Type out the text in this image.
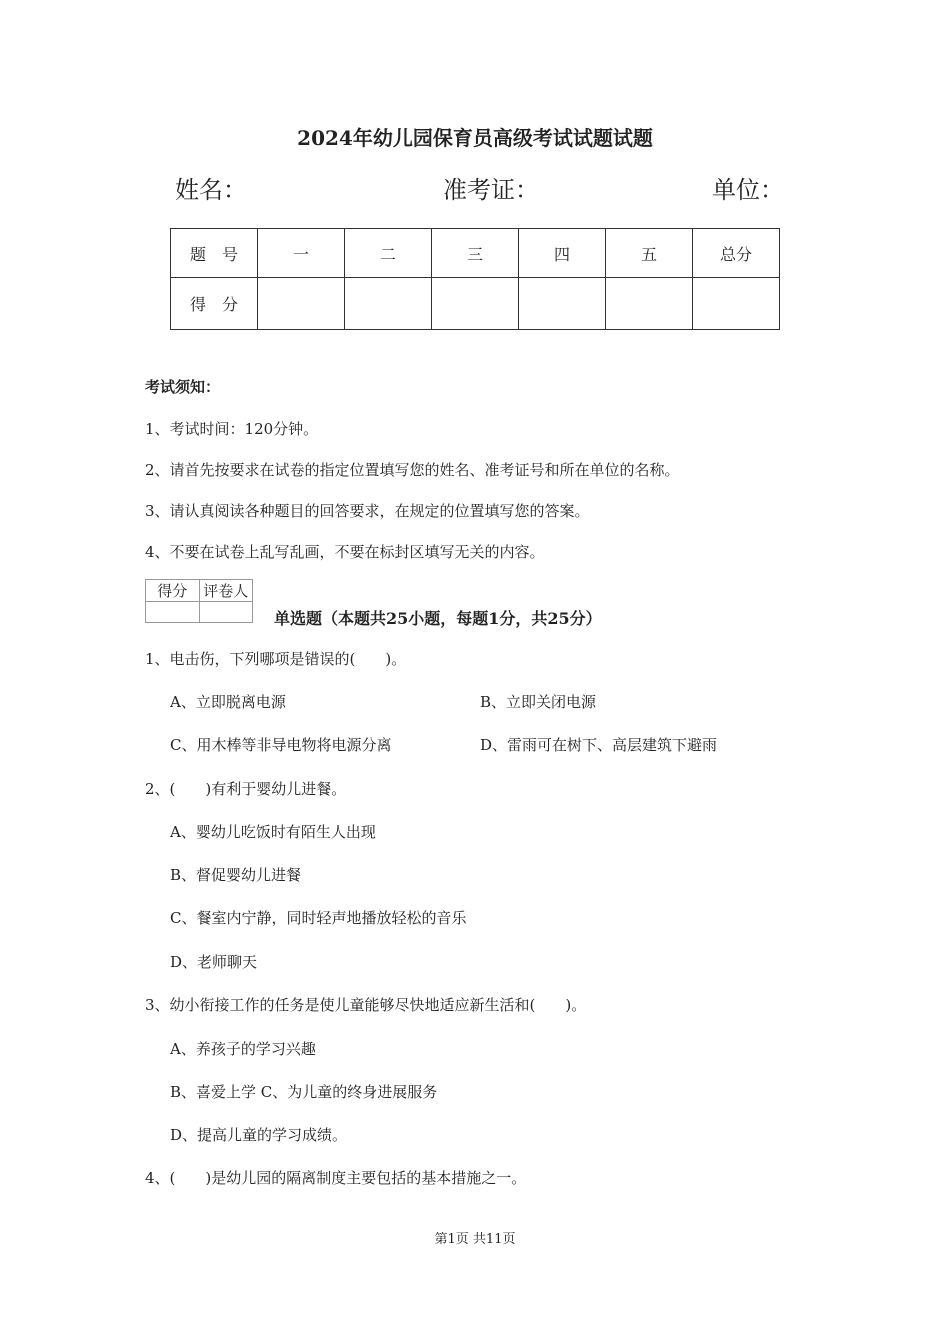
2024年幼儿园保育员高级考试试题试题
姓名：	准考证：	单位：
题　号	一	二	三	四	五	总分
得　分						
考试须知：
1、考试时间：120分钟。
2、请首先按要求在试卷的指定位置填写您的姓名、准考证号和所在单位的名称。
3、请认真阅读各种题目的回答要求，在规定的位置填写您的答案。
4、不要在试卷上乱写乱画，不要在标封区填写无关的内容。
得分	评卷人

单选题（本题共25小题，每题1分，共25分）
1、电击伤，下列哪项是错误的(　　)。
A、立即脱离电源	B、立即关闭电源
C、用木棒等非导电物将电源分离	D、雷雨可在树下、高层建筑下避雨
2、(　　)有利于婴幼儿进餐。
A、婴幼儿吃饭时有陌生人出现
B、督促婴幼儿进餐
C、餐室内宁静，同时轻声地播放轻松的音乐
D、老师聊天
3、幼小衔接工作的任务是使儿童能够尽快地适应新生活和(　　)。
A、养孩子的学习兴趣
B、喜爱上学 C、为儿童的终身进展服务
D、提高儿童的学习成绩。
4、(　　)是幼儿园的隔离制度主要包括的基本措施之一。
第1页 共11页
